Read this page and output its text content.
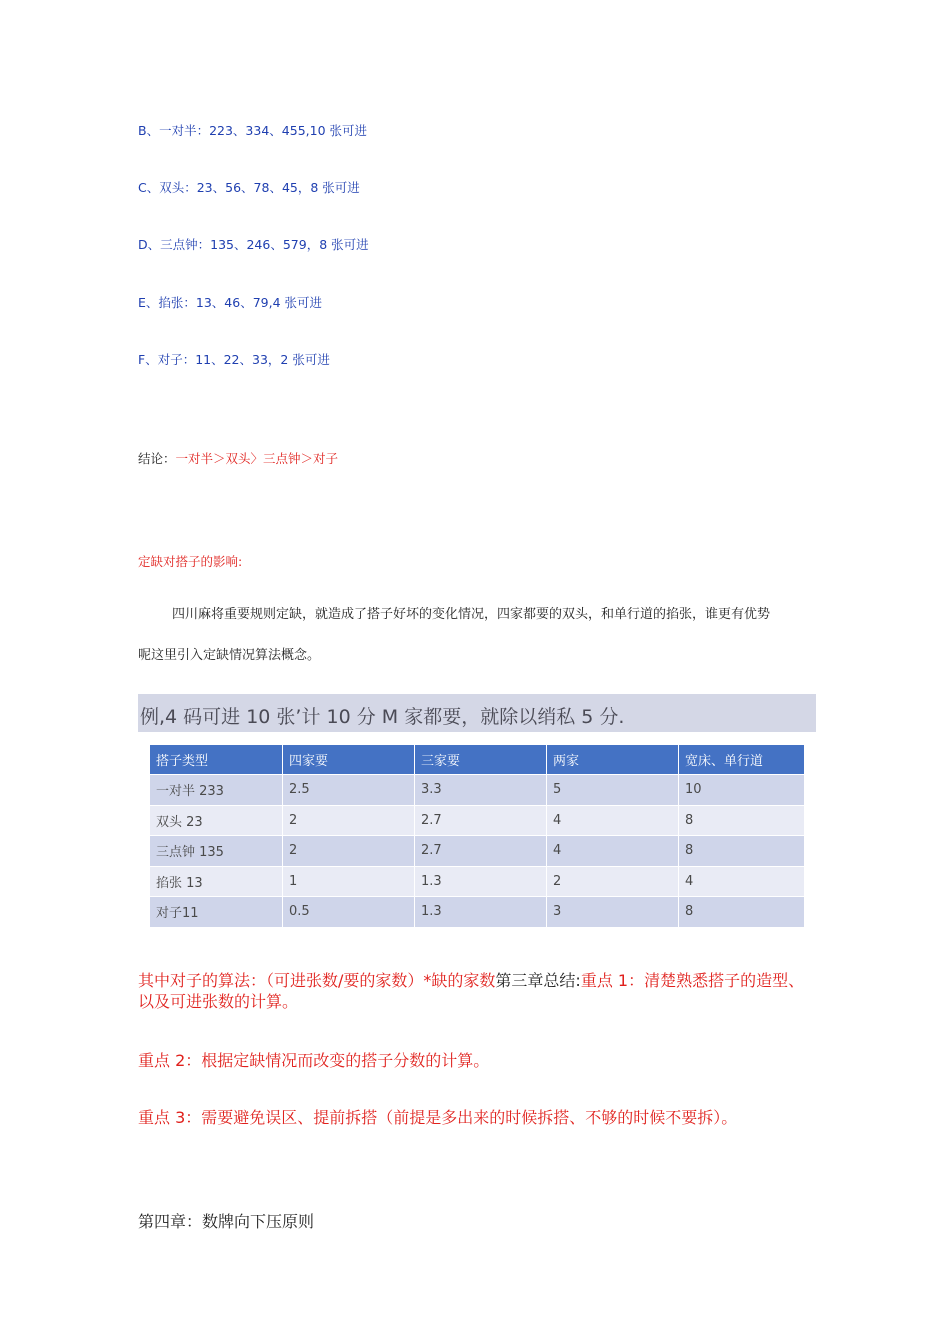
B、一对半：223、334、455,10 张可进
C、双头：23、56、78、45，8 张可进
D、三点钟：135、246、579，8 张可进
E、掐张：13、46、79,4 张可进
F、对子：11、22、33，2 张可进
结论：一对半＞双头〉三点钟＞对子
定缺对搭子的影响:
四川麻将重要规则定缺，就造成了搭子好坏的变化情况，四家都要的双头，和单行道的掐张，谁更有优势
呢这里引入定缺情况算法概念。
例,4 码可进 10 张’计 10 分 M 家都要，就除以绡私 5 分.
搭子类型	四家要	三家要	两家	宽床、单行道
一对半 233	2.5	3.3	5	10
双头 23	2	2.7	4	8
三点钟 135	2	2.7	4	8
掐张 13	1	1.3	2	4
对子11	0.5	1.3	3	8
其中对子的算法：（可进张数/要的家数）*缺的家数第三章总结:重点 1：清楚熟悉搭子的造型、以及可进张数的计算。
重点 2：根据定缺情况而改变的搭子分数的计算。
重点 3：需要避免误区、提前拆搭（前提是多出来的时候拆搭、不够的时候不要拆）。
第四章：数牌向下压原则
